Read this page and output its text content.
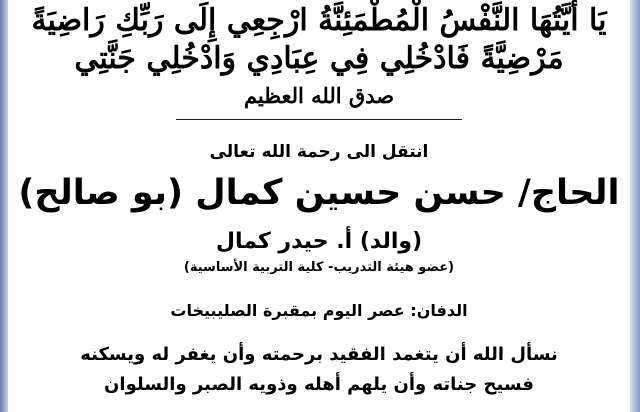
يَا أَيَّتُهَا النَّفْسُ الْمُطْمَئِنَّةُ ارْجِعِي إِلَى رَبِّكِ رَاضِيَةً
مَرْضِيَّةً فَادْخُلِي فِي عِبَادِي وَادْخُلِي جَنَّتِي
صدق الله العظيم
انتقل الى رحمة الله تعالى
الحاج/ حسن حسين كمال (بو صالح)
(والد) أ. حيدر كمال
(عضو هيئة التدريب- كلية التربية الأساسية)
الدفان: عصر اليوم بمقبرة الصليبيخات
نسأل الله أن يتغمد الفقيد برحمته وأن يغفر له ويسكنه
فسيح جناته وأن يلهم أهله وذويه الصبر والسلوان
